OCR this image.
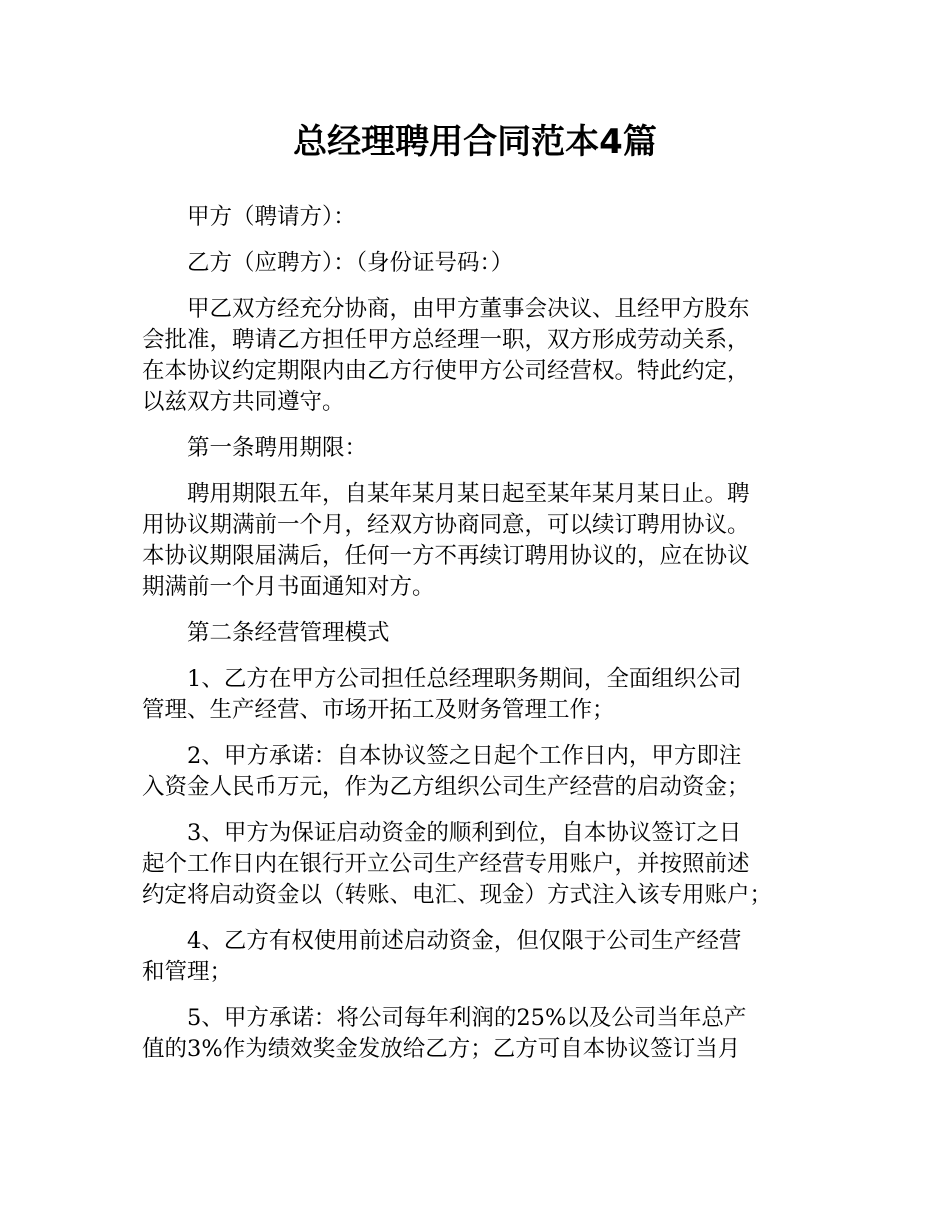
总经理聘用合同范本4篇

甲方（聘请方）：

乙方（应聘方）：（身份证号码：）

甲乙双方经充分协商，由甲方董事会决议、且经甲方股东
会批准，聘请乙方担任甲方总经理一职，双方形成劳动关系，
在本协议约定期限内由乙方行使甲方公司经营权。特此约定，
以兹双方共同遵守。

第一条聘用期限：

聘用期限五年，自某年某月某日起至某年某月某日止。聘
用协议期满前一个月，经双方协商同意，可以续订聘用协议。
本协议期限届满后，任何一方不再续订聘用协议的，应在协议
期满前一个月书面通知对方。

第二条经营管理模式

1、乙方在甲方公司担任总经理职务期间，全面组织公司
管理、生产经营、市场开拓工及财务管理工作；

2、甲方承诺：自本协议签之日起个工作日内，甲方即注
入资金人民币万元，作为乙方组织公司生产经营的启动资金；

3、甲方为保证启动资金的顺利到位，自本协议签订之日
起个工作日内在银行开立公司生产经营专用账户，并按照前述
约定将启动资金以（转账、电汇、现金）方式注入该专用账户；

4、乙方有权使用前述启动资金，但仅限于公司生产经营
和管理；

5、甲方承诺：将公司每年利润的25%以及公司当年总产
值的3%作为绩效奖金发放给乙方；乙方可自本协议签订当月
